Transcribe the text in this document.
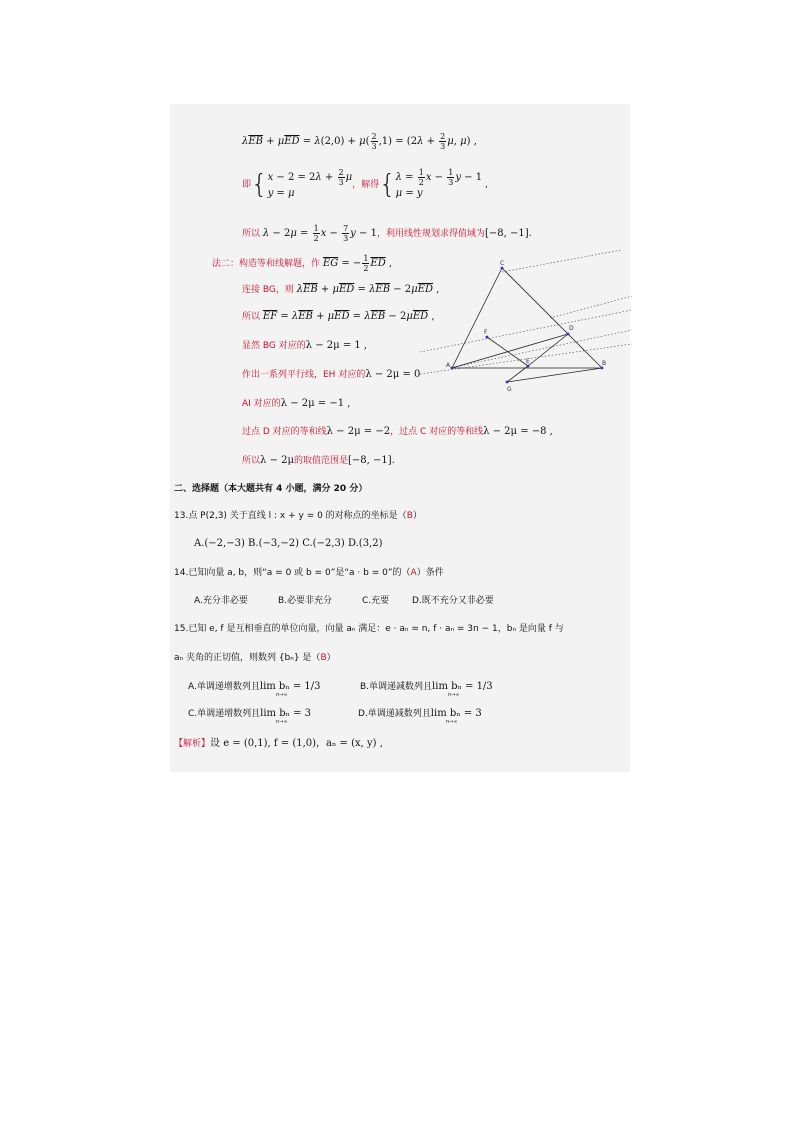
$\lambda\overline{EB} + \mu\overline{ED} = \lambda(2,0) + \mu( \frac{2}{3} ,1) = (2\lambda + \frac{2}{3} \mu$, μ) ,
即{ $x - 2 = 2\lambda + \frac{2}{3}$ μ
y = μ
，解得{ $\lambda = \frac{1}{2}$ $x - \frac{1}{3}$ y − 1
μ = y
,
所以 $\lambda - 2\mu = \frac{1}{2}$ $x - \frac{7}{3}$ y − 1，利用线性规划求得值域为[−8, −1].
法二：构造等和线解题，作 $\overline{EG}$ = − $\frac{1}{2} \overline{ED}$ ,
连接 BG，则 $\lambda\overline{EB} + \mu\overline{ED} = \lambda\overline{EB} - 2\mu\overline{ED}$ ,
所以 $\overline{EF} = \lambda\overline{EB} + \mu\overline{ED} = \lambda\overline{EB} - 2\mu\overline{ED}$ ,
显然 BG 对应的λ − 2μ = 1 ,
作出一系列平行线，EH 对应的λ − 2μ = 0
AI 对应的λ − 2μ = −1 ,
过点 D 对应的等和线λ − 2μ = −2，过点 C 对应的等和线λ − 2μ = −8 ,
所以λ − 2μ的取值范围是[−8, −1].
C
F
D
A	B
G
E
二、选择题（本大题共有 4 小题，满分 20 分）
13.点 P(2,3) 关于直线 l : x + y = 0 的对称点的坐标是（B）
A.(−2,−3) B.(−3,−2) C.(−2,3) D.(3,2)
14.已知向量 a, b，则“a = 0 或 b = 0”是“a · b = 0”的（A）条件
A.充分非必要	B.必要非充分	C.充要	D.既不充分又非必要
15.已知 e, f 是互相垂直的单位向量，向量 aₙ 满足：e · aₙ = n, f · aₙ = 3n − 1，bₙ 是向量 f 与
aₙ 夹角的正切值，则数列 {bₙ} 是（B）
A.单调递增数列且lim bₙ = 1/3
n→∞
B.单调递减数列且lim bₙ = 1/3
n→∞
C.单调递增数列且lim bₙ = 3
n→∞
D.单调递减数列且lim bₙ = 3
n→∞
【解析】设 e = (0,1), f = (1,0)，aₙ = (x, y) ,
